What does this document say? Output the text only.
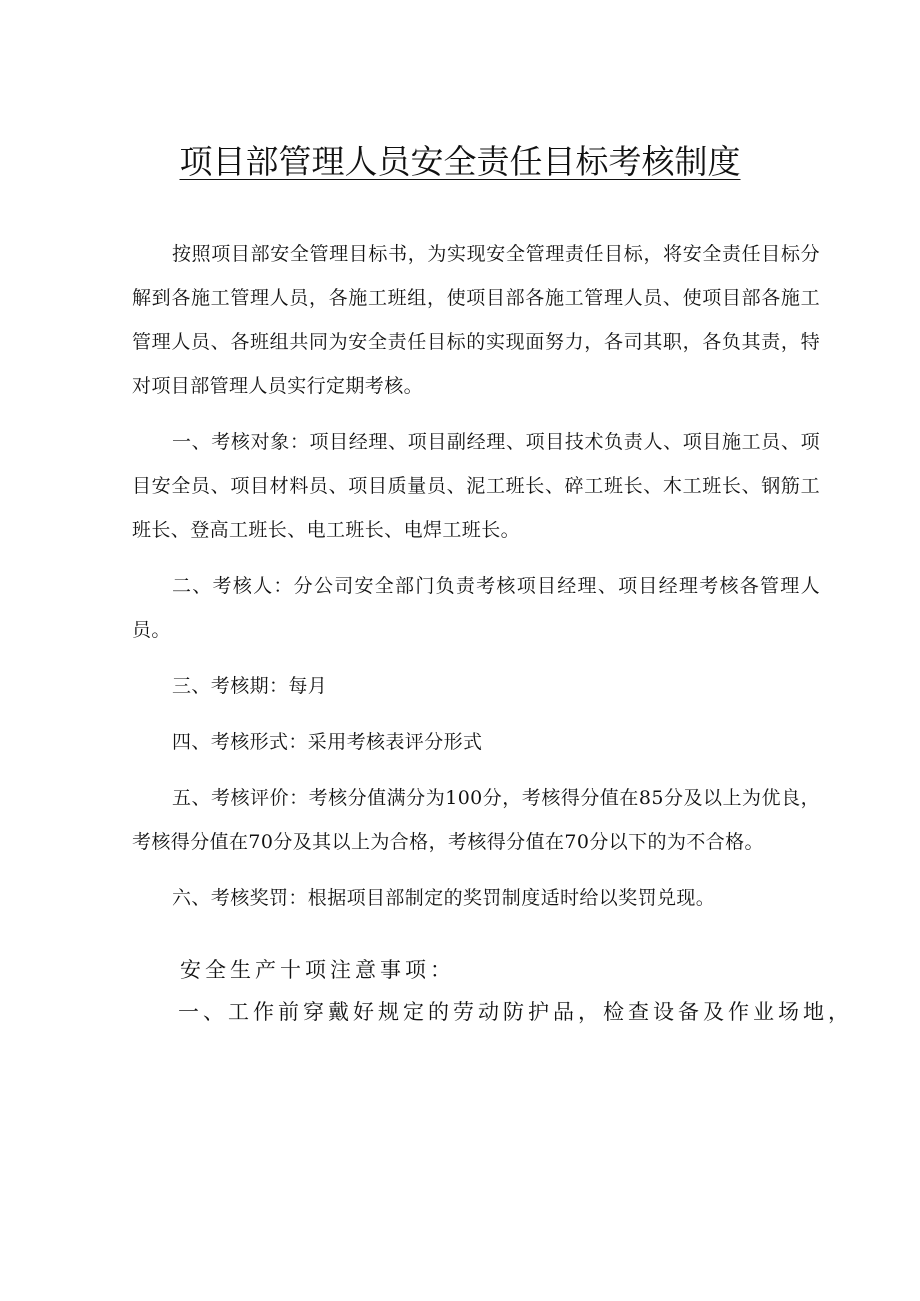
项目部管理人员安全责任目标考核制度

按照项目部安全管理目标书，为实现安全管理责任目标，将安全责任目标分解到各施工管理人员，各施工班组，使项目部各施工管理人员、使项目部各施工管理人员、各班组共同为安全责任目标的实现面努力，各司其职，各负其责，特对项目部管理人员实行定期考核。

一、考核对象：项目经理、项目副经理、项目技术负责人、项目施工员、项目安全员、项目材料员、项目质量员、泥工班长、碎工班长、木工班长、钢筋工班长、登高工班长、电工班长、电焊工班长。

二、考核人：分公司安全部门负责考核项目经理、项目经理考核各管理人员。

三、考核期：每月

四、考核形式：采用考核表评分形式

五、考核评价：考核分值满分为100分，考核得分值在85分及以上为优良，考核得分值在70分及其以上为合格，考核得分值在70分以下的为不合格。

六、考核奖罚：根据项目部制定的奖罚制度适时给以奖罚兑现。

安全生产十项注意事项：
一、工作前穿戴好规定的劳动防护品，检查设备及作业场地，
